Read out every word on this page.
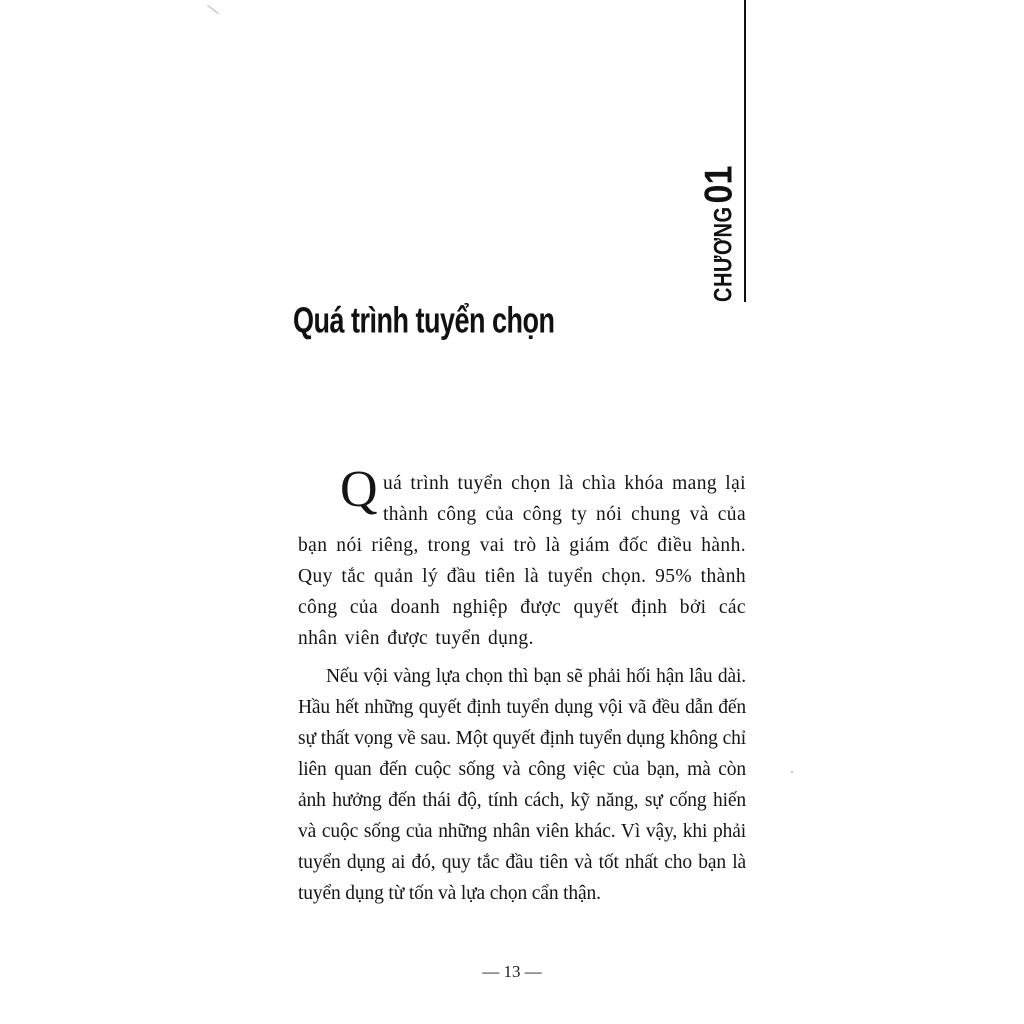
CHƯƠNG
01
Quá trình tuyển chọn

Quá trình tuyển chọn là chìa khóa mang lại thành công của công ty nói chung và của bạn nói riêng, trong vai trò là giám đốc điều hành. Quy tắc quản lý đầu tiên là tuyển chọn. 95% thành công của doanh nghiệp được quyết định bởi các nhân viên được tuyển dụng.

Nếu vội vàng lựa chọn thì bạn sẽ phải hối hận lâu dài. Hầu hết những quyết định tuyển dụng vội vã đều dẫn đến sự thất vọng về sau. Một quyết định tuyển dụng không chỉ liên quan đến cuộc sống và công việc của bạn, mà còn ảnh hưởng đến thái độ, tính cách, kỹ năng, sự cống hiến và cuộc sống của những nhân viên khác. Vì vậy, khi phải tuyển dụng ai đó, quy tắc đầu tiên và tốt nhất cho bạn là tuyển dụng từ tốn và lựa chọn cẩn thận.

— 13 —
